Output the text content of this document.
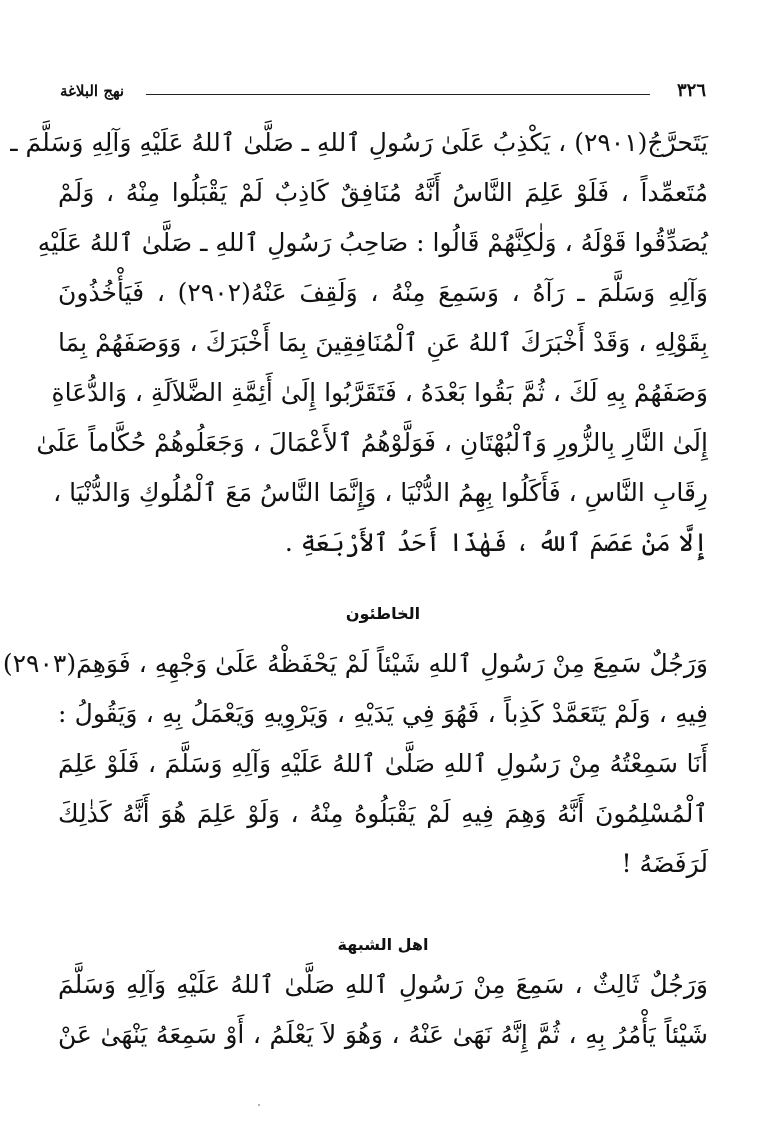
٣٢٦
نهج البلاغة
يَتَحرَّجُ(٢٩٠١) ، يَكْذِبُ عَلَىٰ رَسُولِ ٱللهِ ـ صَلَّىٰ ٱللهُ عَلَيْهِ وَآلِهِ وَسَلَّمَ ـ
مُتَعمِّداً ، فَلَوْ عَلِمَ النَّاسُ أَنَّهُ مُنَافِقٌ كَاذِبٌ لَمْ يَقْبَلُوا مِنْهُ ، وَلَمْ
يُصَدِّقُوا قَوْلَهُ ، وَلٰكِنَّهُمْ قَالُوا : صَاحِبُ رَسُولِ ٱللهِ ـ صَلَّىٰ ٱللهُ عَلَيْهِ
وَآلِهِ وَسَلَّمَ ـ رَآهُ ، وَسَمِعَ مِنْهُ ، وَلَقِفَ عَنْهُ(٢٩٠٢) ، فَيَأْخُذُونَ
بِقَوْلِهِ ، وَقَدْ أَخْبَرَكَ ٱللهُ عَنِ ٱلْمُنَافِقِينَ بِمَا أَخْبَرَكَ ، وَوَصَفَهُمْ بِمَا
وَصَفَهُمْ بِهِ لَكَ ، ثُمَّ بَقُوا بَعْدَهُ ، فَتَقَرَّبُوا إِلَىٰ أَئِمَّةِ الضَّلاَلَةِ ، وَالدُّعَاةِ
إِلَىٰ النَّارِ بِالزُّورِ وَٱلْبُهْتَانِ ، فَوَلَّوْهُمُ ٱلأَعْمَالَ ، وَجَعَلُوهُمْ حُكَّاماً عَلَىٰ
رِقَابِ النَّاسِ ، فَأَكَلُوا بِهِمُ الدُّنْيَا ، وَإِنَّمَا النَّاسُ مَعَ ٱلْمُلُوكِ وَالدُّنْيَا ،
إِلَّا مَنْ عَصَمَ ٱللهُ ، فَهٰذَا أَحَدُ ٱلأَرْبَعَةِ .
الخاطئون
وَرَجُلٌ سَمِعَ مِنْ رَسُولِ ٱللهِ شَيْئاً لَمْ يَحْفَظْهُ عَلَىٰ وَجْهِهِ ، فَوَهِمَ(٢٩٠٣)
فِيهِ ، وَلَمْ يَتَعَمَّدْ كَذِباً ، فَهُوَ فِي يَدَيْهِ ، وَيَرْوِيهِ وَيَعْمَلُ بِهِ ، وَيَقُولُ :
أَنَا سَمِعْتُهُ مِنْ رَسُولِ ٱللهِ صَلَّىٰ ٱللهُ عَلَيْهِ وَآلِهِ وَسَلَّمَ ، فَلَوْ عَلِمَ
ٱلْمُسْلِمُونَ أَنَّهُ وَهِمَ فِيهِ لَمْ يَقْبَلُوهُ مِنْهُ ، وَلَوْ عَلِمَ هُوَ أَنَّهُ كَذٰلِكَ
لَرَفَضَهُ !
اهل الشبهة
وَرَجُلٌ ثَالِثٌ ، سَمِعَ مِنْ رَسُولِ ٱللهِ صَلَّىٰ ٱللهُ عَلَيْهِ وَآلِهِ وَسَلَّمَ
شَيْئاً يَأْمُرُ بِهِ ، ثُمَّ إِنَّهُ نَهَىٰ عَنْهُ ، وَهُوَ لاَ يَعْلَمُ ، أَوْ سَمِعَهُ يَنْهَىٰ عَنْ
